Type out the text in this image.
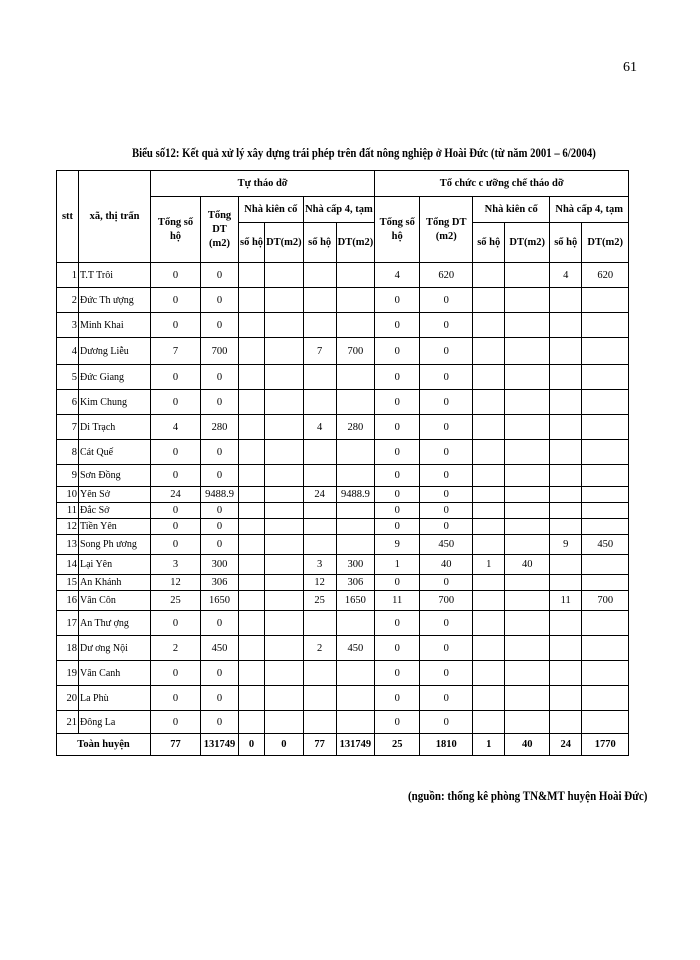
61
Biểu số12: Kết quả xử lý xây dựng trái phép trên đất nông nghiệp ở Hoài Đức (từ năm 2001 – 6/2004)
stt	xã, thị trấn	Tự tháo dỡ						Tổ chức c ưỡng chế tháo dỡ					
		Tổng số hộ	Tổng DT (m2)	Nhà kiên cố		Nhà cấp 4, tạm		Tổng số hộ	Tổng DT (m2)	Nhà kiên cố		Nhà cấp 4, tạm	
				số hộ	DT(m2)	số hộ	DT(m2)			số hộ	DT(m2)	số hộ	DT(m2)
1	T.T Trôi	0	0					4	620			4	620
2	Đức Th ượng	0	0					0	0				
3	Minh Khai	0	0					0	0				
4	Dương Liễu	7	700			7	700	0	0				
5	Đức Giang	0	0					0	0				
6	Kim Chung	0	0					0	0				
7	Di Trạch	4	280			4	280	0	0				
8	Cát Quế	0	0					0	0				
9	Sơn Đồng	0	0					0	0				
10	Yên Sở	24	9488.9			24	9488.9	0	0				
11	Đắc Sở	0	0					0	0				
12	Tiền Yên	0	0					0	0				
13	Song Ph ương	0	0					9	450			9	450
14	Lại Yên	3	300			3	300	1	40	1	40		
15	An Khánh	12	306			12	306	0	0				
16	Vân Côn	25	1650			25	1650	11	700			11	700
17	An Thư ợng	0	0					0	0				
18	Dư ơng Nội	2	450			2	450	0	0				
19	Vân Canh	0	0					0	0				
20	La Phù	0	0					0	0				
21	Đông La	0	0					0	0				
Toàn huyện		77	131749	0	0	77	131749	25	1810	1	40	24	1770
(nguồn: thống kê phòng TN&MT huyện Hoài Đức)
